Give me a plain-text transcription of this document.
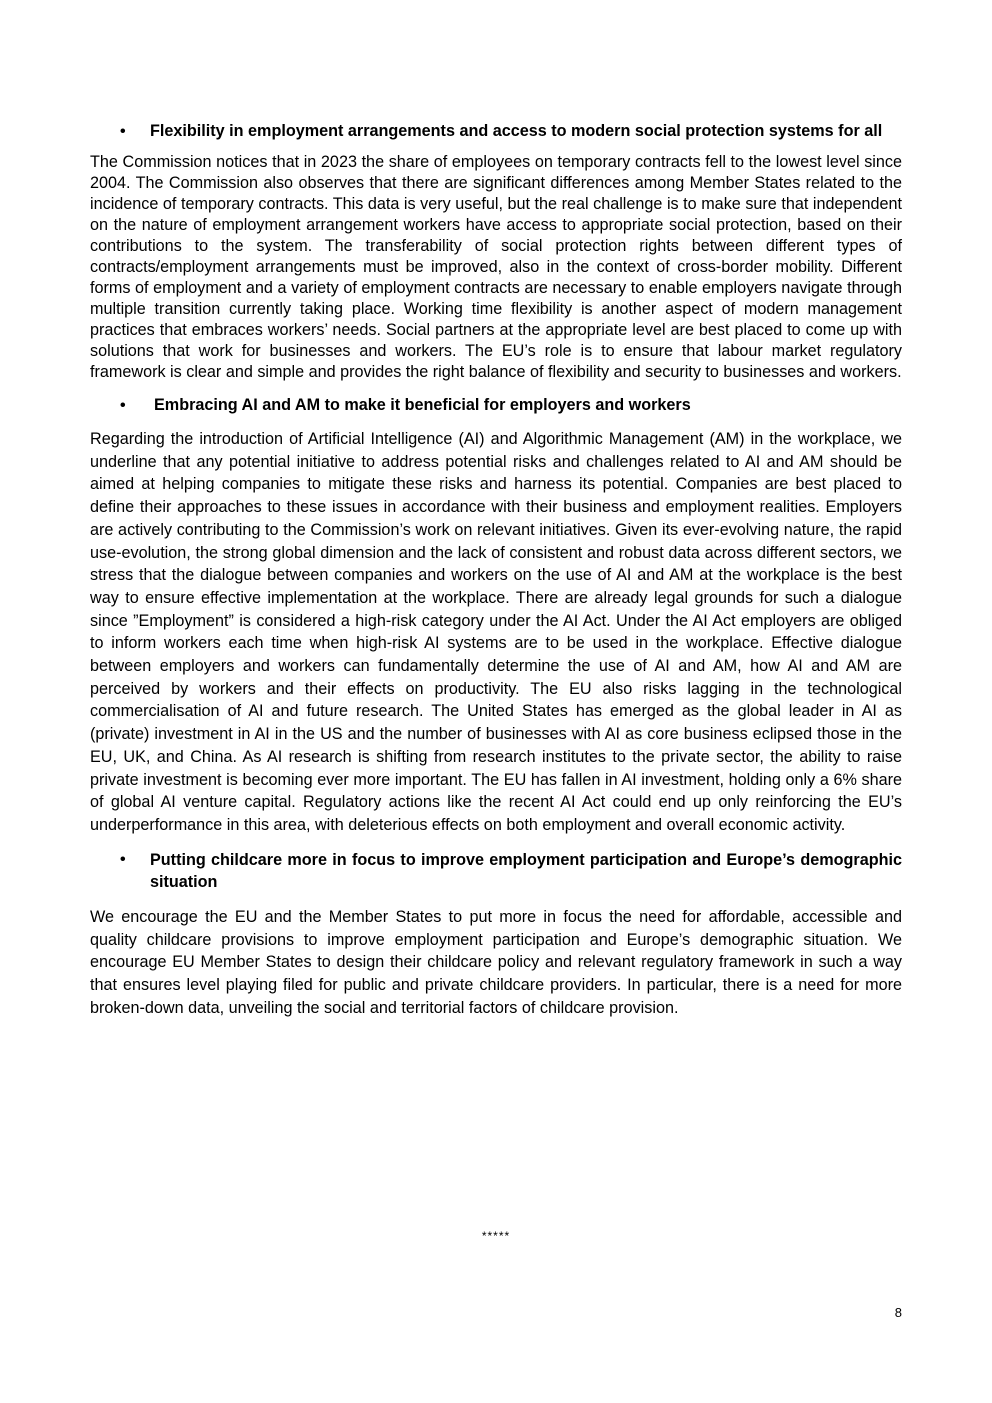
• Flexibility in employment arrangements and access to modern social protection systems for all

The Commission notices that in 2023 the share of employees on temporary contracts fell to the lowest level since 2004. The Commission also observes that there are significant differences among Member States related to the incidence of temporary contracts. This data is very useful, but the real challenge is to make sure that independent on the nature of employment arrangement workers have access to appropriate social protection, based on their contributions to the system. The transferability of social protection rights between different types of contracts/employment arrangements must be improved, also in the context of cross-border mobility. Different forms of employment and a variety of employment contracts are necessary to enable employers navigate through multiple transition currently taking place. Working time flexibility is another aspect of modern management practices that embraces workers’ needs. Social partners at the appropriate level are best placed to come up with solutions that work for businesses and workers. The EU’s role is to ensure that labour market regulatory framework is clear and simple and provides the right balance of flexibility and security to businesses and workers.

• Embracing AI and AM to make it beneficial for employers and workers

Regarding the introduction of Artificial Intelligence (AI) and Algorithmic Management (AM) in the workplace, we underline that any potential initiative to address potential risks and challenges related to AI and AM should be aimed at helping companies to mitigate these risks and harness its potential. Companies are best placed to define their approaches to these issues in accordance with their business and employment realities. Employers are actively contributing to the Commission’s work on relevant initiatives. Given its ever-evolving nature, the rapid use-evolution, the strong global dimension and the lack of consistent and robust data across different sectors, we stress that the dialogue between companies and workers on the use of AI and AM at the workplace is the best way to ensure effective implementation at the workplace. There are already legal grounds for such a dialogue since ”Employment” is considered a high-risk category under the AI Act. Under the AI Act employers are obliged to inform workers each time when high-risk AI systems are to be used in the workplace. Effective dialogue between employers and workers can fundamentally determine the use of AI and AM, how AI and AM are perceived by workers and their effects on productivity. The EU also risks lagging in the technological commercialisation of AI and future research. The United States has emerged as the global leader in AI as (private) investment in AI in the US and the number of businesses with AI as core business eclipsed those in the EU, UK, and China. As AI research is shifting from research institutes to the private sector, the ability to raise private investment is becoming ever more important. The EU has fallen in AI investment, holding only a 6% share of global AI venture capital. Regulatory actions like the recent AI Act could end up only reinforcing the EU’s underperformance in this area, with deleterious effects on both employment and overall economic activity.

• Putting childcare more in focus to improve employment participation and Europe’s demographic situation

We encourage the EU and the Member States to put more in focus the need for affordable, accessible and quality childcare provisions to improve employment participation and Europe’s demographic situation. We encourage EU Member States to design their childcare policy and relevant regulatory framework in such a way that ensures level playing filed for public and private childcare providers. In particular, there is a need for more broken-down data, unveiling the social and territorial factors of childcare provision.

*****
8
